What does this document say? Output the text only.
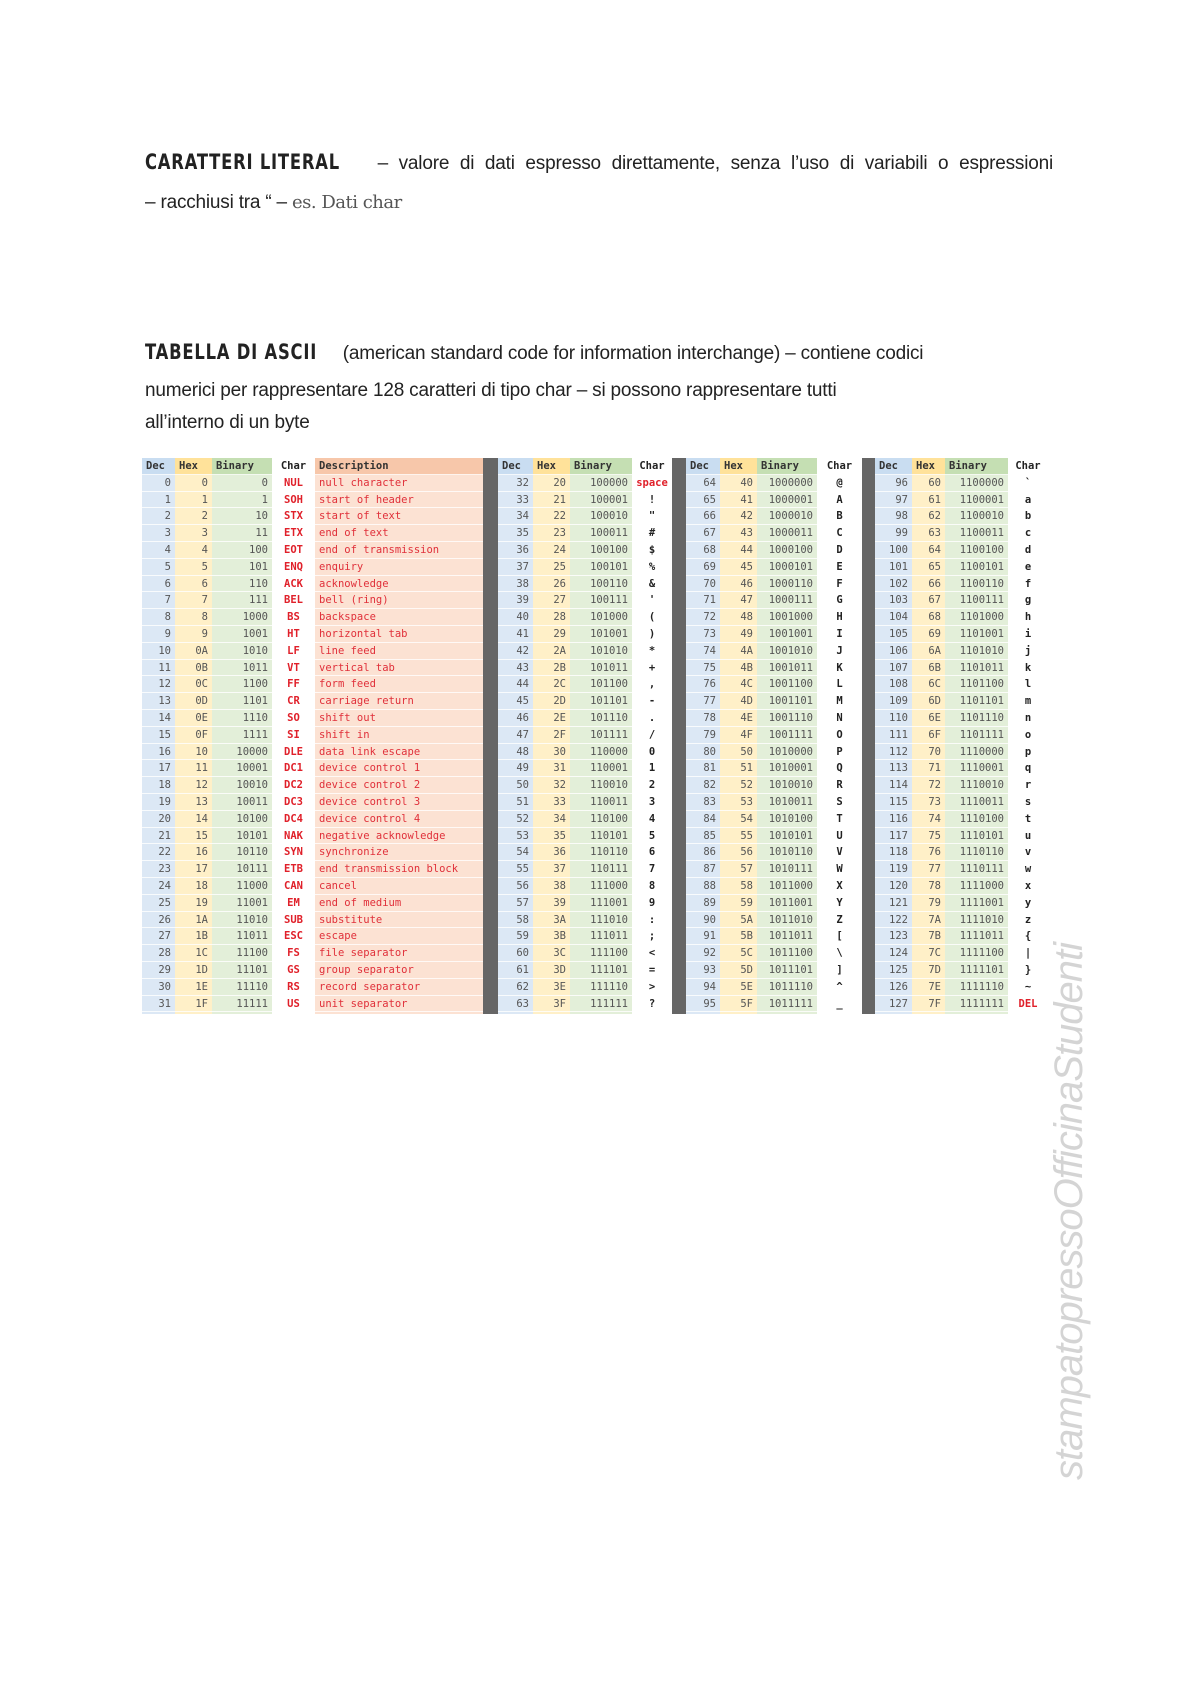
CARATTERI LITERAL – valore di dati espresso direttamente, senza l’uso di variabili o espressioni
– racchiusi tra “ – es. Dati char
TABELLA DI ASCII (american standard code for information interchange) – contiene codici
numerici per rappresentare 128 caratteri di tipo char – si possono rappresentare tutti
all’interno di un byte
Dec
0
1
2
3
4
5
6
7
8
9
10
11
12
13
14
15
16
17
18
19
20
21
22
23
24
25
26
27
28
29
30
31
Hex
0
1
2
3
4
5
6
7
8
9
0A
0B
0C
0D
0E
0F
10
11
12
13
14
15
16
17
18
19
1A
1B
1C
1D
1E
1F
Binary
0
1
10
11
100
101
110
111
1000
1001
1010
1011
1100
1101
1110
1111
10000
10001
10010
10011
10100
10101
10110
10111
11000
11001
11010
11011
11100
11101
11110
11111
Char
NUL
SOH
STX
ETX
EOT
ENQ
ACK
BEL
BS
HT
LF
VT
FF
CR
SO
SI
DLE
DC1
DC2
DC3
DC4
NAK
SYN
ETB
CAN
EM
SUB
ESC
FS
GS
RS
US
Description
null character
start of header
start of text
end of text
end of transmission
enquiry
acknowledge
bell (ring)
backspace
horizontal tab
line feed
vertical tab
form feed
carriage return
shift out
shift in
data link escape
device control 1
device control 2
device control 3
device control 4
negative acknowledge
synchronize
end transmission block
cancel
end of medium
substitute
escape
file separator
group separator
record separator
unit separator
Dec
32
33
34
35
36
37
38
39
40
41
42
43
44
45
46
47
48
49
50
51
52
53
54
55
56
57
58
59
60
61
62
63
Hex
20
21
22
23
24
25
26
27
28
29
2A
2B
2C
2D
2E
2F
30
31
32
33
34
35
36
37
38
39
3A
3B
3C
3D
3E
3F
Binary
100000
100001
100010
100011
100100
100101
100110
100111
101000
101001
101010
101011
101100
101101
101110
101111
110000
110001
110010
110011
110100
110101
110110
110111
111000
111001
111010
111011
111100
111101
111110
111111
Char
space
!
"
#
$
%
&
'
(
)
*
+
,
-
.
/
0
1
2
3
4
5
6
7
8
9
:
;
<
=
>
?
Dec
64
65
66
67
68
69
70
71
72
73
74
75
76
77
78
79
80
81
82
83
84
85
86
87
88
89
90
91
92
93
94
95
Hex
40
41
42
43
44
45
46
47
48
49
4A
4B
4C
4D
4E
4F
50
51
52
53
54
55
56
57
58
59
5A
5B
5C
5D
5E
5F
Binary
1000000
1000001
1000010
1000011
1000100
1000101
1000110
1000111
1001000
1001001
1001010
1001011
1001100
1001101
1001110
1001111
1010000
1010001
1010010
1010011
1010100
1010101
1010110
1010111
1011000
1011001
1011010
1011011
1011100
1011101
1011110
1011111
Char
@
A
B
C
D
E
F
G
H
I
J
K
L
M
N
O
P
Q
R
S
T
U
V
W
X
Y
Z
[
\
]
^
_
Dec
96
97
98
99
100
101
102
103
104
105
106
107
108
109
110
111
112
113
114
115
116
117
118
119
120
121
122
123
124
125
126
127
Hex
60
61
62
63
64
65
66
67
68
69
6A
6B
6C
6D
6E
6F
70
71
72
73
74
75
76
77
78
79
7A
7B
7C
7D
7E
7F
Binary
1100000
1100001
1100010
1100011
1100100
1100101
1100110
1100111
1101000
1101001
1101010
1101011
1101100
1101101
1101110
1101111
1110000
1110001
1110010
1110011
1110100
1110101
1110110
1110111
1111000
1111001
1111010
1111011
1111100
1111101
1111110
1111111
Char
`
a
b
c
d
e
f
g
h
i
j
k
l
m
n
o
p
q
r
s
t
u
v
w
x
y
z
{
|
}
~
DEL stampatopressoOfficinaStudenti
